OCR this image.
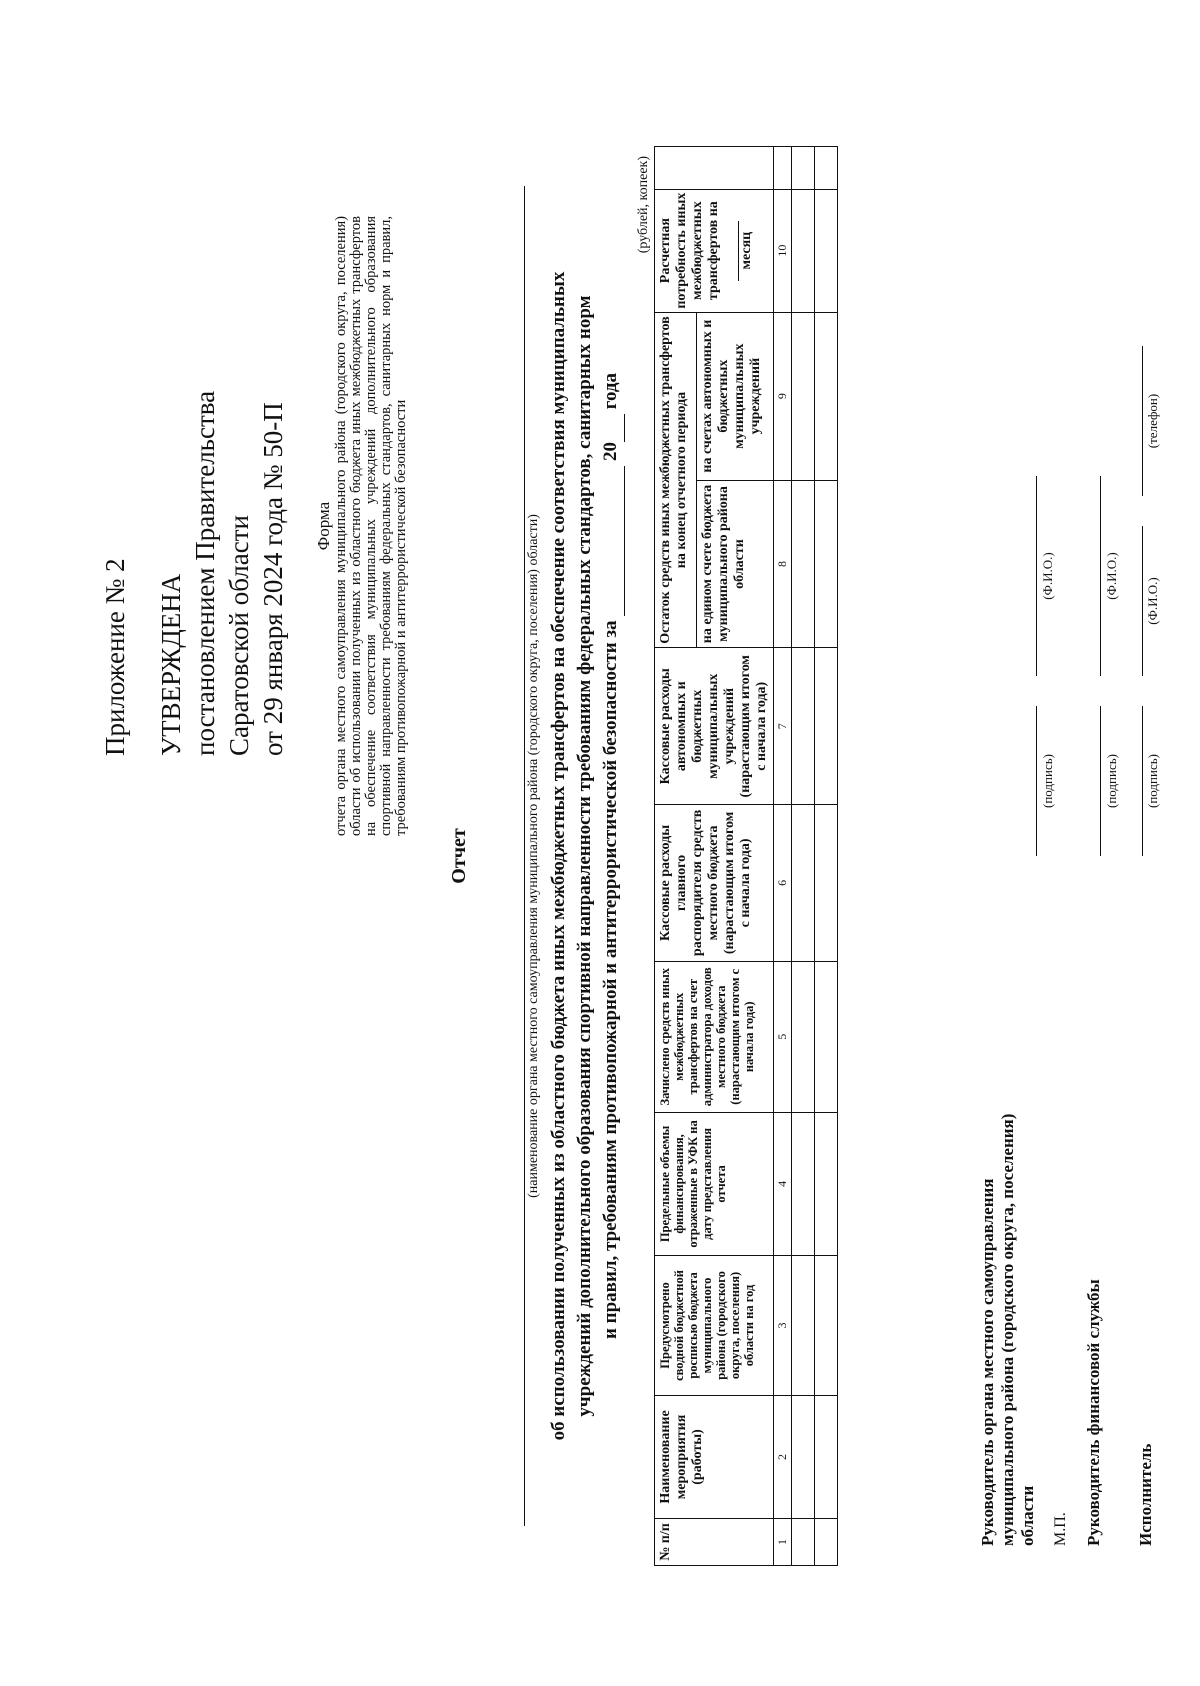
Приложение № 2 УТВЕРЖДЕНА постановлением Правительства Саратовской области от 29 января 2024 года № 50-П Форма отчета органа местного самоуправления муниципального района (городского округа, поселения) области об использовании полученных из областного бюджета иных межбюджетных трансфертов на обеспечение соответствия муниципальных учреждений дополнительного образования спортивной направленности требованиям федеральных стандартов, санитарных норм и правил, требованиям противопожарной и антитеррористической безопасности
Отчет	(наименование органа местного самоуправления муниципального района (городского округа, поселения) области) об использовании полученных из областного бюджета иных межбюджетных трансфертов на обеспечение соответствия муниципальных учреждений дополнительного образования спортивной направленности требованиям федеральных стандартов, санитарных норм и правил, требованиям противопожарной и антитеррористической безопасности за   20  года
(рублей, копеек)
№ п/п	Наименование мероприятия (работы)	Предусмотрено сводной бюджетной росписью бюджета муниципального района (городского округа, поселения) области на год	Предельные объемы финансирования, отраженные в УФК на дату представления отчета	Зачислено средств иных межбюджетных трансфертов на счет администратора доходов местного бюджета (нарастающим итогом с начала года)	Кассовые расходы главного распорядителя средств местного бюджета (нарастающим итогом с начала года)	Кассовые расходы автономных и бюджетных муниципальных учреждений (нарастающим итогом с начала года)	Остаток средств иных межбюджетных трансфертов на конец отчетного периода		Расчетная потребность иных межбюджетных трансфертов на месяц	
							на едином счете бюджета муниципального района области	на счетах автономных и бюджетных муниципальных учреждений		
1	2	3	4	5	6	7	8	9	10	

Руководитель органа местного самоуправления муниципального района (городского округа, поселения) области
(подпись)
(Ф.И.О.)
М.П. Руководитель финансовой службы
(подпись)
(Ф.И.О.)
Исполнитель
(подпись)
(Ф.И.О.)
(телефон)
